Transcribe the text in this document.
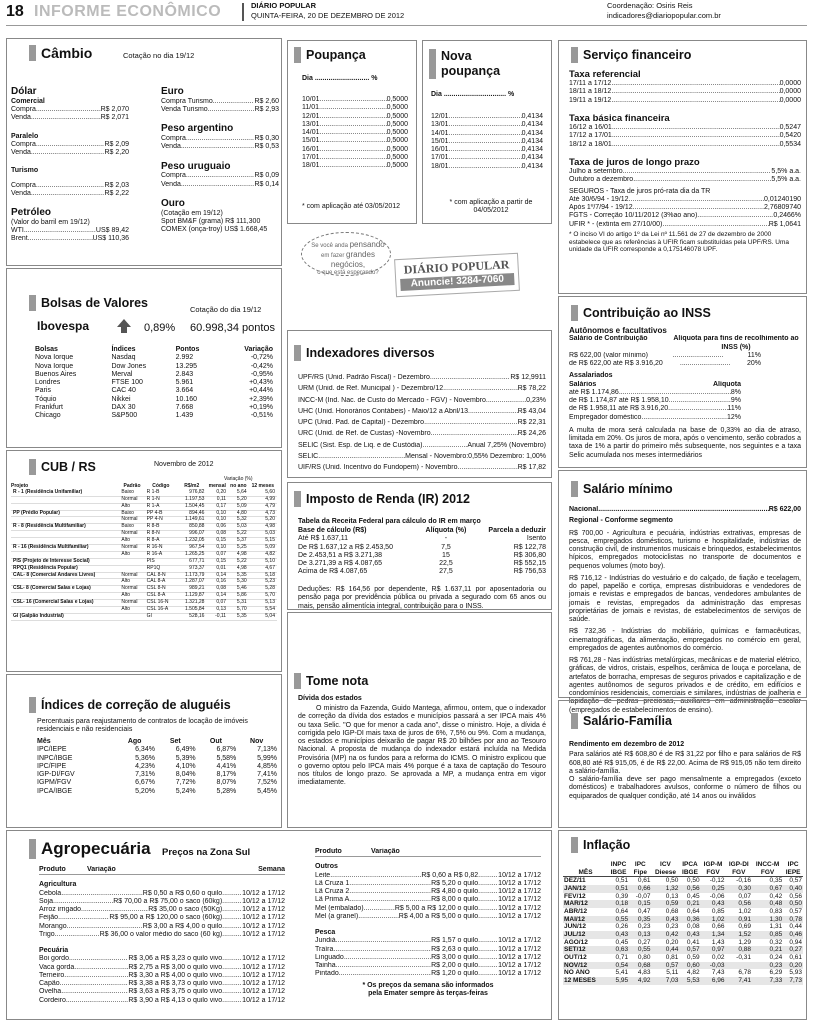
18 INFORME ECONÔMICO	DIÁRIO POPULAR
QUINTA-FEIRA, 20 DE DEZEMBRO DE 2012
Coordenação: Osiris Reis
indicadores@diariopopular.com.br
Câmbio	Cotação no dia 19/12
Dólar
Comercial
Compra .....	R$ 2,070
Venda .....	R$ 2,071
Paralelo
Compra .....	R$ 2,09
Venda .....	R$ 2,20
Turismo
Compra .....	R$ 2,03
Venda .....	R$ 2,22
Petróleo
(Valor do barril em 19/12)
WTI .....	US$ 89,42
Brent .....	US$ 110,36
Euro
Compra Turismo .....	R$ 2,60
Venda Turismo .....	R$ 2,93
Peso argentino
Compra .....	R$ 0,30
Venda .....	R$ 0,53
Peso uruguaio
Compra .....	R$ 0,09
Venda .....	R$ 0,14
Ouro
(Cotação em 19/12)
Spot BM&F (grama) R$ 111,300
COMEX (onça-troy) US$ 1.668,45
Bolsas de Valores	Cotação do dia 19/12
Ibovespa	0,89% 60.998,34 pontos
Bolsas	Índices	Pontos	Variação
Nova Iorque	Nasdaq	2.992	-0,72%
Nova Iorque	Dow Jones	13.295	-0,42%
Buenos Aires	Merval	2.843	-0,95%
Londres	FTSE 100	5.961	+0,43%
Paris	CAC 40	3.664	+0,44%
Tóquio	Nikkei	10.160	+2,39%
Frankfurt	DAX 30	7.668	+0,19%
Chicago	S&P500	1.439	-0,51%
CUB / RS	Novembro de 2012
Variação (%)
Projeto	Padrão	Código	R$/m2	mensal	no ano	12 meses
R - 1 (Residência Unifamiliar)	Baixo	R 1-B	976,82	0,20	5,64	5,60
	Normal	R 1-N	1.197,53	0,11	5,20	4,99
	Alto	R 1-A	1.504,45	0,17	5,09	4,79
PP (Prédio Popular)	Baixo	PP 4-B	894,46	0,10	4,80	4,73
	Normal	PP 4-N	1.149,61	0,10	5,32	5,20
R - 8 (Residência Multifamiliar)	Baixo	R 8-B	850,88	0,06	5,03	4,98
	Normal	R 8-N	996,07	0,08	5,22	5,03
	Alto	R 8-A	1.232,05	0,15	5,37	5,15
R - 16 (Residência Multifamiliar)	Normal	R 16-N	967,54	0,10	5,25	5,09
	Alto	R 16-A	1.265,25	0,07	4,98	4,82
PIS (Projeto de Interesse Social)		PIS	677,71	0,15	5,22	5,10
RPQ1 (Residência Popular)		RP1Q	973,37	0,01	4,98	4,67
CAL- 8 (Comercial Andares Livres)	Normal	CAL 8-N	1.173,79	0,14	5,35	5,18
	Alto	CAL 8-A	1.287,07	0,16	5,30	5,23
CSL- 8 (Comercial Salas e Lojas)	Normal	CSL 8-N	989,21	0,08	5,46	5,28
	Alto	CSL 8-A	1.129,87	0,14	5,86	5,70
CSL- 16 (Comercial Salas e Lojas)	Normal	CSL 16-N	1.321,28	0,07	5,31	5,13
	Alto	CSL 16-A	1.505,84	0,13	5,70	5,54
GI (Galpão Industrial)		GI	528,16	-0,11	5,35	5,04
Índices de correção de aluguéis
Percentuais para reajustamento de contratos de locação de imóveis residenciais e não residenciais
Mês	Ago	Set	Out	Nov
IPC/IEPE	6,34%	6,49%	6,87%	7,13%
INPC/IBGE	5,36%	5,39%	5,58%	5,99%
IPC/FIPE	4,23%	4,10%	4,41%	4,85%
IGP-DI/FGV	7,31%	8,04%	8,17%	7,41%
IGPM/FGV	6,67%	7,72%	8,07%	7,52%
IPCA/IBGE	5,20%	5,24%	5,28%	5,45%
Poupança
Dia ............................ %
10/01 .....	0,5000
11/01 .....	0,5000
12/01 .....	0,5000
13/01 .....	0,5000
14/01 .....	0,5000
15/01 .....	0,5000
16/01 .....	0,5000
17/01 .....	0,5000
18/01 .....	0,5000
* com aplicação até 03/05/2012
Nova
poupança
Dia ................................ %
12/01 .....	0,4134
13/01 .....	0,4134
14/01 .....	0,4134
15/01 .....	0,4134
16/01 .....	0,4134
17/01 .....	0,4134
18/01 .....	0,4134
* com aplicação a partir de 04/05/2012
Se você anda pensando
em fazer grandes negócios,
o que está esperando?	DIÁRIO POPULAR
Anuncie! 3284-7060
Indexadores diversos
UPF/RS (Unid. Padrão Fiscal) - Dezembro .....	R$ 12,9911
URM (Unid. de Ref. Municipal ) - Dezembro/12 .....	R$ 78,22
INCC-M (Índ. Nac. de Custo do Mercado - FGV) - Novembro .....	0,23%
UHC (Unid. Honorários Contábeis) - Maio/12 a Abril/13 .....	R$ 43,04
UPC (Unid. Pad. de Capital) - Dezembro .....	R$ 22,31
URC (Unid. de Ref. de Custas) -Novembro .....	R$ 24,26
SELIC (Sist. Esp. de Liq. e de Custódia) .....	Anual 7,25% (Novembro)
SELIC .....	Mensal - Novembro:0,55% Dezembro: 1,00%
UIF/RS (Unid. Incentivo do Fundopem) - Novembro .....	R$ 17,82
Imposto de Renda (IR) 2012
Tabela da Receita Federal para cálculo do IR em março
Base de cálculo (R$)	Alíquota (%)	Parcela a deduzir
Até R$ 1.637,11	-	Isento
De R$ 1.637,12 a R$ 2.453,50	7,5	R$ 122,78
De 2.453,51 a R$ 3.271,38	15	R$ 306,80
De 3.271,39 a R$ 4.087,65	22,5	R$ 552,15
Acima de R$ 4.087,65	27,5	R$ 756,53
Deduções: R$ 164,56 por dependente, R$ 1.637,11 por aposentadoria ou pensão paga por previdência pública ou privada a segurado com 65 anos ou mais, pensão alimentícia integral, contribuição para o INSS.
Tome nota
Dívida dos estados
O ministro da Fazenda, Guido Mantega, afirmou, ontem, que o indexador de correção da dívida dos estados e municípios passará a ser IPCA mais 4% ou taxa Selic. "O que for menor a cada ano", disse o ministro. Hoje, a dívida é corrigida pelo IGP-DI mais taxa de juros de 6%, 7,5% ou 9%. Com a mudança, os estados e municípios deixarão de pagar R$ 20 bilhões por ano ao Tesouro Nacional. A proposta de mudança do indexador estará incluída na Medida Provisória (MP) na os fundos para a reforma do ICMS. O ministro explicou que o governo optou pelo IPCA mais 4% porque é a taxa de captação do Tesouro nos títulos de longo prazo. Se aprovada a MP, a mudança entra em vigor imediatamente.
Serviço financeiro
Taxa referencial
17/11 a 17/12 .....	0,0000
18/11 a 18/12 .....	0,0000
19/11 a 19/12 .....	0,0000
Taxa básica financeira
16/12 a 16/01 .....	0,5247
17/12 a 17/01 .....	0,5420
18/12 a 18/01 .....	0,5534
Taxa de juros de longo prazo
Julho a setembro .....	5,5% a.a.
Outubro a dezembro .....	5,5% a.a.
SEGUROS - Taxa de juros pró-rata dia da TR
Até 30/6/94 - 19/12 .....	0,01240190
Após 1º/7/94 - 19/12 .....	2,76809740
FGTS - Correção 10/11/2012 (3%ao ano) .....	0,2466%
UFIR * - (extinta em 27/10/00) .....	R$ 1,0641
* O inciso VI do artigo 1º da Lei nº 11.561 de 27 de dezembro de 2000 estabelece que as referências à UFIR ficam substituídas pela UPF/RS. Uma unidade da UFIR corresponde a 0,175146078 UPF.
Contribuição ao INSS
Autônomos e facultativos
Salário de Contribuição	Alíquota para fins de recolhimento ao INSS (%)
R$ 622,00 (valor mínimo) .....	11%
de R$ 622,00 até R$ 3.916,20 .....	20%
Assalariados
Salários	Alíquota
até R$ 1.174,86 .....	8%
de R$ 1.174,87 até R$ 1.958,10 .....	9%
de R$ 1.958,11 até R$ 3.916,20 .....	11%
Empregador doméstico .....	12%
A multa de mora será calculada na base de 0,33% ao dia de atraso, limitada em 20%. Os juros de mora, após o vencimento, serão cobrados a taxa de 1% a partir do primeiro mês subsequente, nos seguintes e a taxa Selic acumulada nos meses intermediários
Salário mínimo
Nacional .....	R$ 622,00
Regional - Conforme segmento
R$ 700,00 - Agricultura e pecuária, indústrias extrativas, empresas de pesca, empregados domésticos, turismo e hospitalidade, indústrias de construção civil, de instrumentos musicais e brinquedos, estabelecimentos hípicos, empregados motociclistas no transporte de documentos e pequenos volumes (moto boy).
R$ 716,12 - Indústrias do vestuário e do calçado, de fiação e tecelagem, do papel, papelão e cortiça, empresas distribuidoras e vendedores de jornais e revistas e empregados de bancas, vendedores ambulantes de jornais e revistas, empregados da administração das empresas proprietárias de jornais e revistas, de estabelecimentos de serviços de saúde.
R$ 732,36 - Indústrias do mobiliário, químicas e farmacêuticas, cinematográficas, da alimentação, empregados no comércio em geral, empregados de agentes autônomos do comércio.
R$ 761,28 - Nas indústrias metalúrgicas, mecânicas e de material elétrico, gráficas, de vidros, cristais, espelhos, cerâmica de louça e porcelana, de artefatos de borracha, empresas de seguros privados e capitalização e de agentes autônomos de seguros privados e de crédito, em edifícios e condomínios residenciais, comerciais e similares, indústrias de joalheria e lapidação de pedras preciosas, auxiliares em administração escolar (empregados de estabelecimentos de ensino).
Salário-Família
Rendimento em dezembro de 2012
Para salários até R$ 608,80 é de R$ 31,22 por filho e para salários de R$ 608,80 até R$ 915,05, é de R$ 22,00. Acima de R$ 915,05 não tem direito a salário-família.
O salário-família deve ser pago mensalmente a empregados (exceto domésticos) e trabalhadores avulsos, conforme o número de filhos ou equiparados de qualquer condição, até 14 anos ou inválidos
Agropecuária Preços na Zona Sul
Produto	Variação	Semana
Agricultura
Cebola .....	R$ 0,50 a R$ 0,60 o quilo .....	10/12 a 17/12
Soja .....	R$ 70,00 a R$ 75,00 o saco (60kg) .....	10/12 a 17/12
Arroz irrigado .....	R$ 35,00 o saco (50Kg) .....	10/12 a 17/12
Feijão .....	R$ 95,00 a R$ 120,00 o saco (60kg) .....	10/12 a 17/12
Morango .....	R$ 3,00 a R$ 4,00 o quilo .....	10/12 a 17/12
Trigo .....	R$ 36,00 o valor médio do saco (60 kg) .....	10/12 a 17/12
Pecuária
Boi gordo .....	R$ 3,06 a R$ 3,23 o quilo vivo .....	10/12 a 17/12
Vaca gorda .....	R$ 2,75 a R$ 3,00 o quilo vivo .....	10/12 a 17/12
Terneiro .....	R$ 3,30 a R$ 4,00 o quilo vivo .....	10/12 a 17/12
Capão .....	R$ 3,38 a R$ 3,73 o quilo vivo .....	10/12 a 17/12
Ovelha .....	R$ 3,63 a R$ 3,75 o quilo vivo .....	10/12 a 17/12
Cordeiro .....	R$ 3,90 a R$ 4,13 o quilo vivo .....	10/12 a 17/12
Produto	Variação
Outros
Leite .....	R$ 0,60 a R$ 0,82 .....	10/12 a 17/12
Lã Cruza 1 .....	R$ 5,20 o quilo .....	10/12 a 17/12
Lã Cruza 2 .....	R$ 4,80 o quilo .....	10/12 a 17/12
Lã Prima A .....	R$ 8,00 o quilo .....	10/12 a 17/12
Mel (embalado) .....	R$ 5,00 a R$ 12,00 o quilo .....	10/12 a 17/12
Mel (a granel) .....	R$ 4,00 a R$ 5,00 o quilo .....	10/12 a 17/12
Pesca
Jundiá .....	R$ 1,57 o quilo .....	10/12 a 17/12
Traíra .....	R$ 2,63 o quilo .....	10/12 a 17/12
Linguado .....	R$ 3,00 o quilo .....	10/12 a 17/12
Tainha .....	R$ 2,00 o quilo .....	10/12 a 17/12
Pintado .....	R$ 1,20 o quilo .....	10/12 a 17/12
* Os preços da semana são informados
pela Emater sempre às terças-feiras
Inflação
	INPC	IPC	ICV	IPCA	IGP-M	IGP-DI	INCC-M	IPC
MÊS	IBGE	Fipe	Dieese	IBGE	FGV	FGV	FGV	IEPE
DEZ/11	0,51	0,61	0,50	0,50	-0,12	-0,16	0,35	0,57
JAN/12	0,51	0,66	1,32	0,56	0,25	0,30	0,67	0,40
FEV/12	0,39	-0,07	0,13	0,45	-0,06	0,07	0,42	0,56
MAR/12	0,18	0,15	0,59	0,21	0,43	0,56	0,48	0,50
ABR/12	0,64	0,47	0,68	0,64	0,85	1,02	0,83	0,57
MAI/12	0,55	0,35	0,43	0,36	1,02	0,91	1,30	0,78
JUN/12	0,26	0,23	0,23	0,08	0,66	0,69	1,31	0,44
JUL/12	0,43	0,13	0,42	0,43	1,34	1,52	0,85	0,46
AGO/12	0,45	0,27	0,20	0,41	1,43	1,29	0,32	0,94
SET/12	0,63	0,55	0,44	0,57	0,97	0,88	0,21	0,27
OUT/12	0,71	0,80	0,81	0,59	0,02	-0,31	0,24	0,61
NOV/12	0,54	0,68	0,57	0,60	-0,03		0,23	0,20
NO ANO	5,41	4,83	5,11	4,82	7,43	6,78	6,29	5,93
12 MESES	5,95	4,92	7,03	5,53	6,96	7,41	7,33	7,73
